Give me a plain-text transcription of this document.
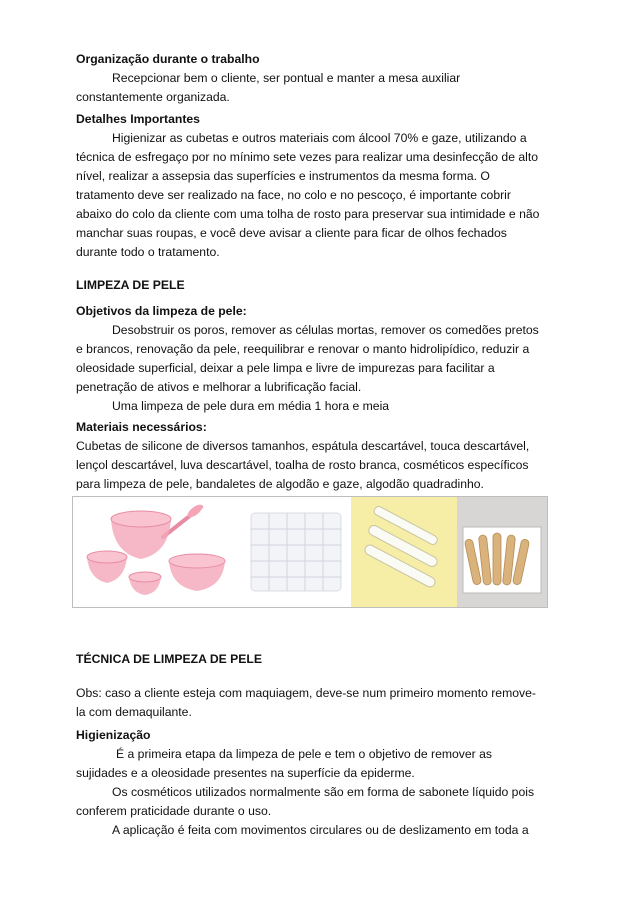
Organização durante o trabalho
Recepcionar bem o cliente, ser pontual e manter a mesa auxiliar
constantemente organizada.
Detalhes Importantes
Higienizar as cubetas e outros materiais com álcool 70% e gaze, utilizando a
técnica de esfregaço por no mínimo sete vezes para realizar uma desinfecção de alto
nível, realizar a assepsia das superfícies e instrumentos da mesma forma. O
tratamento deve ser realizado na face, no colo e no pescoço, é importante cobrir
abaixo do colo da cliente com uma tolha de rosto para preservar sua intimidade e não
manchar suas roupas, e você deve avisar a cliente para ficar de olhos fechados
durante todo o tratamento.
LIMPEZA DE PELE
Objetivos da limpeza de pele:
Desobstruir os poros, remover as células mortas, remover os comedões pretos
e brancos, renovação da pele, reequilibrar e renovar o manto hidrolipídico, reduzir a
oleosidade superficial, deixar a pele limpa e livre de impurezas para facilitar a
penetração de ativos e melhorar a lubrificação facial.
Uma limpeza de pele dura em média 1 hora e meia
Materiais necessários:
Cubetas de silicone de diversos tamanhos, espátula descartável, touca descartável,
lençol descartável, luva descartável, toalha de rosto branca, cosméticos específicos
para limpeza de pele, bandaletes de algodão e gaze, algodão quadradinho.
TÉCNICA DE LIMPEZA DE PELE
Obs: caso a cliente esteja com maquiagem, deve-se num primeiro momento remove-
la com demaquilante.
Higienização
É a primeira etapa da limpeza de pele e tem o objetivo de remover as
sujidades e a oleosidade presentes na superfície da epiderme.
Os cosméticos utilizados normalmente são em forma de sabonete líquido pois
conferem praticidade durante o uso.
A aplicação é feita com movimentos circulares ou de deslizamento em toda a
